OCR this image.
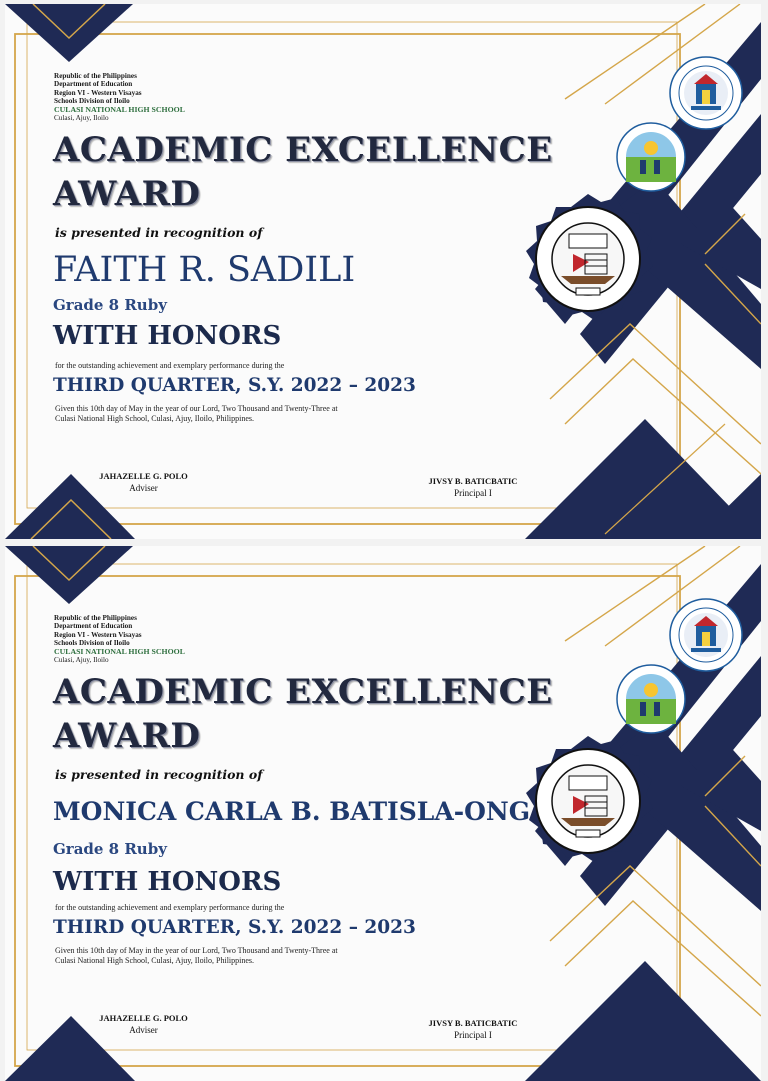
Republic of the Philippines
Department of Education
Region VI - Western Visayas
Schools Division of Iloilo
CULASI NATIONAL HIGH SCHOOL
Culasi, Ajuy, Iloilo
ACADEMIC EXCELLENCE
AWARD
is presented in recognition of
FAITH R. SADILI
Grade 8 Ruby
WITH HONORS
for the outstanding achievement and exemplary performance during the
THIRD QUARTER, S.Y. 2022 – 2023
Given this 10th day of May in the year of our Lord, Two Thousand and Twenty-Three at
Culasi National High School, Culasi, Ajuy, Iloilo, Philippines.
JAHAZELLE G. POLO
Adviser
JIVSY B. BATICBATIC
Principal I
Republic of the Philippines
Department of Education
Region VI - Western Visayas
Schools Division of Iloilo
CULASI NATIONAL HIGH SCHOOL
Culasi, Ajuy, Iloilo
ACADEMIC EXCELLENCE
AWARD
is presented in recognition of
MONICA CARLA B. BATISLA-ONG
Grade 8 Ruby
WITH HONORS
for the outstanding achievement and exemplary performance during the
THIRD QUARTER, S.Y. 2022 – 2023
Given this 10th day of May in the year of our Lord, Two Thousand and Twenty-Three at
Culasi National High School, Culasi, Ajuy, Iloilo, Philippines.
JAHAZELLE G. POLO
Adviser
JIVSY B. BATICBATIC
Principal I
